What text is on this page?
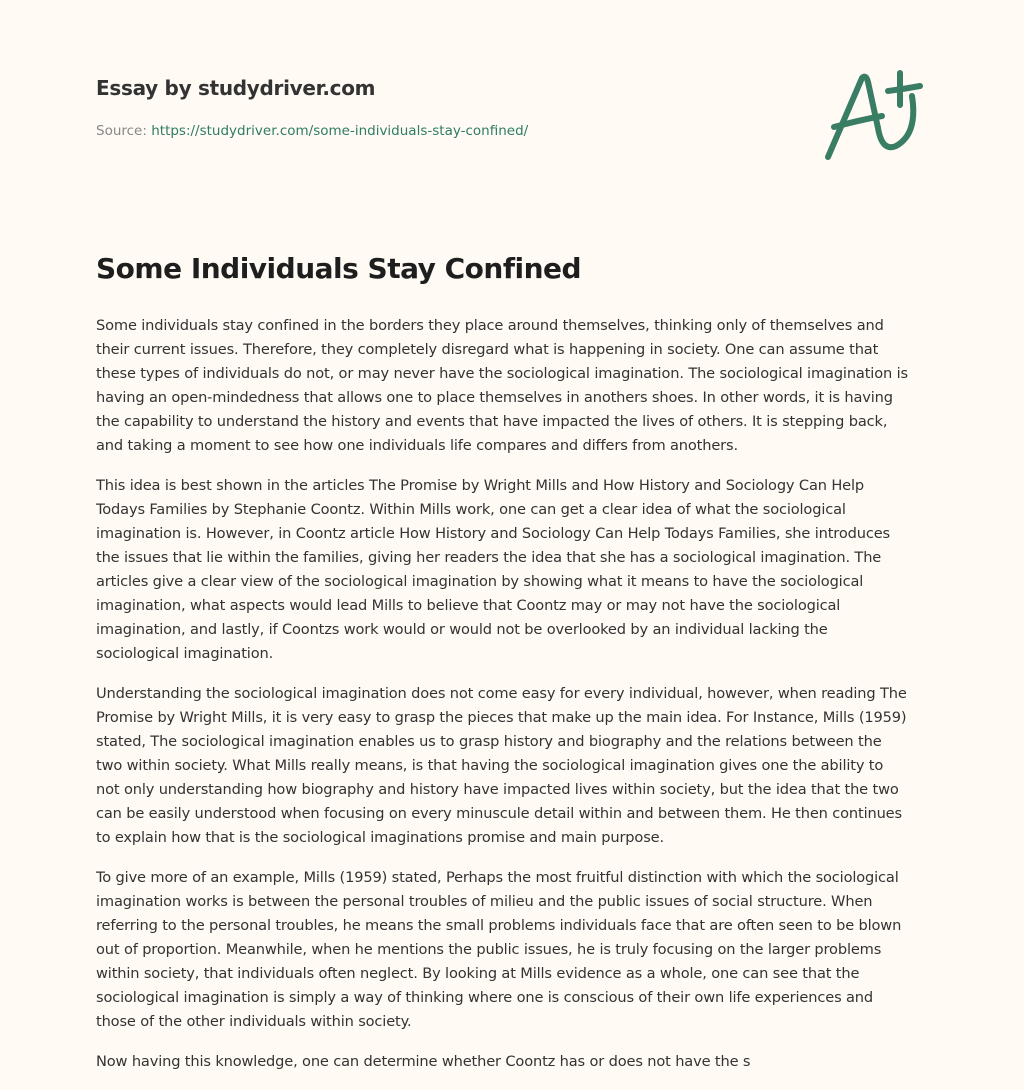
Essay by studydriver.com
Source: https://studydriver.com/some-individuals-stay-confined/
Some Individuals Stay Confined

Some individuals stay confined in the borders they place around themselves, thinking only of themselves and
their current issues. Therefore, they completely disregard what is happening in society. One can assume that
these types of individuals do not, or may never have the sociological imagination. The sociological imagination is
having an open-mindedness that allows one to place themselves in anothers shoes. In other words, it is having
the capability to understand the history and events that have impacted the lives of others. It is stepping back,
and taking a moment to see how one individuals life compares and differs from anothers.

This idea is best shown in the articles The Promise by Wright Mills and How History and Sociology Can Help
Todays Families by Stephanie Coontz. Within Mills work, one can get a clear idea of what the sociological
imagination is. However, in Coontz article How History and Sociology Can Help Todays Families, she introduces
the issues that lie within the families, giving her readers the idea that she has a sociological imagination. The
articles give a clear view of the sociological imagination by showing what it means to have the sociological
imagination, what aspects would lead Mills to believe that Coontz may or may not have the sociological
imagination, and lastly, if Coontzs work would or would not be overlooked by an individual lacking the
sociological imagination.

Understanding the sociological imagination does not come easy for every individual, however, when reading The
Promise by Wright Mills, it is very easy to grasp the pieces that make up the main idea. For Instance, Mills (1959)
stated, The sociological imagination enables us to grasp history and biography and the relations between the
two within society. What Mills really means, is that having the sociological imagination gives one the ability to
not only understanding how biography and history have impacted lives within society, but the idea that the two
can be easily understood when focusing on every minuscule detail within and between them. He then continues
to explain how that is the sociological imaginations promise and main purpose.

To give more of an example, Mills (1959) stated, Perhaps the most fruitful distinction with which the sociological
imagination works is between the personal troubles of milieu and the public issues of social structure. When
referring to the personal troubles, he means the small problems individuals face that are often seen to be blown
out of proportion. Meanwhile, when he mentions the public issues, he is truly focusing on the larger problems
within society, that individuals often neglect. By looking at Mills evidence as a whole, one can see that the
sociological imagination is simply a way of thinking where one is conscious of their own life experiences and
those of the other individuals within society.

Now having this knowledge, one can determine whether Coontz has or does not have the s
